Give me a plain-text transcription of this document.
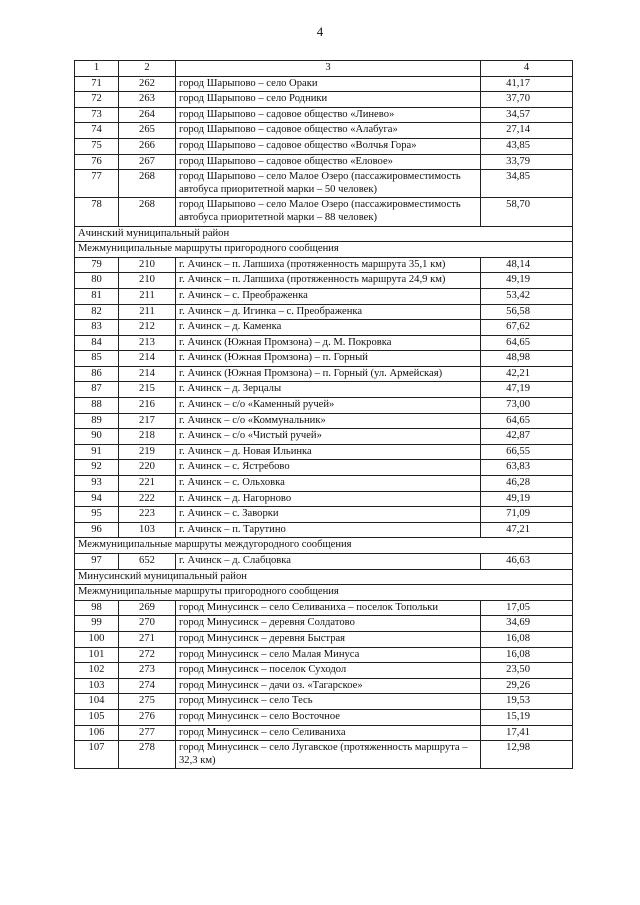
4
1	2	3	4
71	262	город Шарыпово – село Ораки	41,17
72	263	город Шарыпово – село Родники	37,70
73	264	город Шарыпово – садовое общество «Линево»	34,57
74	265	город Шарыпово – садовое общество «Алабуга»	27,14
75	266	город Шарыпово – садовое общество «Волчья Гора»	43,85
76	267	город Шарыпово – садовое общество «Еловое»	33,79
77	268	город Шарыпово – село Малое Озеро (пассажировместимость автобуса приоритетной марки – 50 человек)	34,85
78	268	город Шарыпово – село Малое Озеро (пассажировместимость автобуса приоритетной марки – 88 человек)	58,70
Ачинский муниципальный район			
Межмуниципальные маршруты пригородного сообщения			
79	210	г. Ачинск – п. Лапшиха (протяженность маршрута 35,1 км)	48,14
80	210	г. Ачинск – п. Лапшиха (протяженность маршрута 24,9 км)	49,19
81	211	г. Ачинск – с. Преображенка	53,42
82	211	г. Ачинск – д. Игинка – с. Преображенка	56,58
83	212	г. Ачинск – д. Каменка	67,62
84	213	г. Ачинск (Южная Промзона) – д. М. Покровка	64,65
85	214	г. Ачинск (Южная Промзона) – п. Горный	48,98
86	214	г. Ачинск (Южная Промзона) – п. Горный (ул. Армейская)	42,21
87	215	г. Ачинск – д. Зерцалы	47,19
88	216	г. Ачинск – с/о «Каменный ручей»	73,00
89	217	г. Ачинск – с/о «Коммунальник»	64,65
90	218	г. Ачинск – с/о «Чистый ручей»	42,87
91	219	г. Ачинск – д. Новая Ильинка	66,55
92	220	г. Ачинск – с. Ястребово	63,83
93	221	г. Ачинск – с. Ольховка	46,28
94	222	г. Ачинск – д. Нагорново	49,19
95	223	г. Ачинск – с. Заворки	71,09
96	103	г. Ачинск – п. Тарутино	47,21
Межмуниципальные маршруты междугородного сообщения			
97	652	г. Ачинск – д. Слабцовка	46,63
Минусинский муниципальный район			
Межмуниципальные маршруты пригородного сообщения			
98	269	город Минусинск – село Селиваниха – поселок Топольки	17,05
99	270	город Минусинск – деревня Солдатово	34,69
100	271	город Минусинск – деревня Быстрая	16,08
101	272	город Минусинск – село Малая Минуса	16,08
102	273	город Минусинск – поселок Суходол	23,50
103	274	город Минусинск – дачи оз. «Тагарское»	29,26
104	275	город Минусинск – село Тесь	19,53
105	276	город Минусинск – село Восточное	15,19
106	277	город Минусинск – село Селиваниха	17,41
107	278	город Минусинск – село Лугавское (протяженность маршрута – 32,3 км)	12,98
